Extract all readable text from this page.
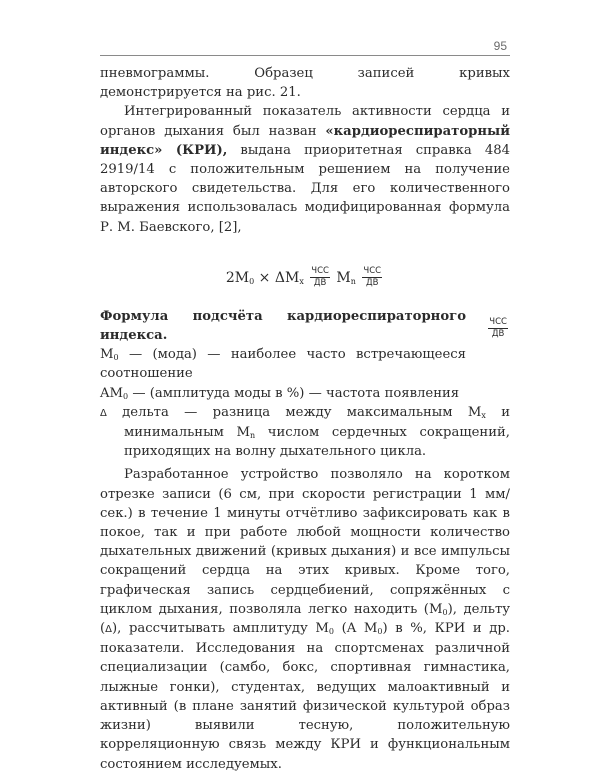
95

пневмограммы. Образец записей кривых демонстрируется на рис. 21.

Интегрированный показатель активности сердца и органов дыхания был назван «кардиореспираторный индекс» (КРИ), выдана приоритетная справка 484 2919/14 с положительным решением на получение авторского свидетельства. Для его количественного выражения использовалась модифицированная формула Р. М. Баевского, [2],

$2M_0 \times \Delta M_x \frac{\text{ЧСС}}{ДВ} M_n \frac{\text{ЧСС}}{ДВ}$

Формула подсчёта кардиореспираторного индекса.

$M_0$ — (мода) — наиболее часто встречающееся соотношение

$AM_0$ — (амплитуда моды в %) — частота появления

ЧСС
ДВ

Δ дельта — разница между максимальным $M_x$ и минимальным $M_n$ числом сердечных сокращений, приходящих на волну дыхательного цикла.

Разработанное устройство позволяло на коротком отрезке записи (6 см, при скорости регистрации 1 мм/сек.) в течение 1 минуты отчётливо зафиксировать как в покое, так и при работе любой мощности количество дыхательных движений (кривых дыхания) и все импульсы сокращений сердца на этих кривых. Кроме того, графическая запись сердцебиений, сопряжённых с циклом дыхания, позволяла легко находить $(M_0)$, дельту (Δ), рассчитывать амплитуду $M_0$ (A $M_0$) в %, КРИ и др. показатели. Исследования на спортсменах различной специализации (самбо, бокс, спортивная гимнастика, лыжные гонки), студентах, ведущих малоактивный и активный (в плане занятий физической культурой образ жизни) выявили тесную, положительную корреляционную связь между КРИ и функциональным состоянием исследуемых.
